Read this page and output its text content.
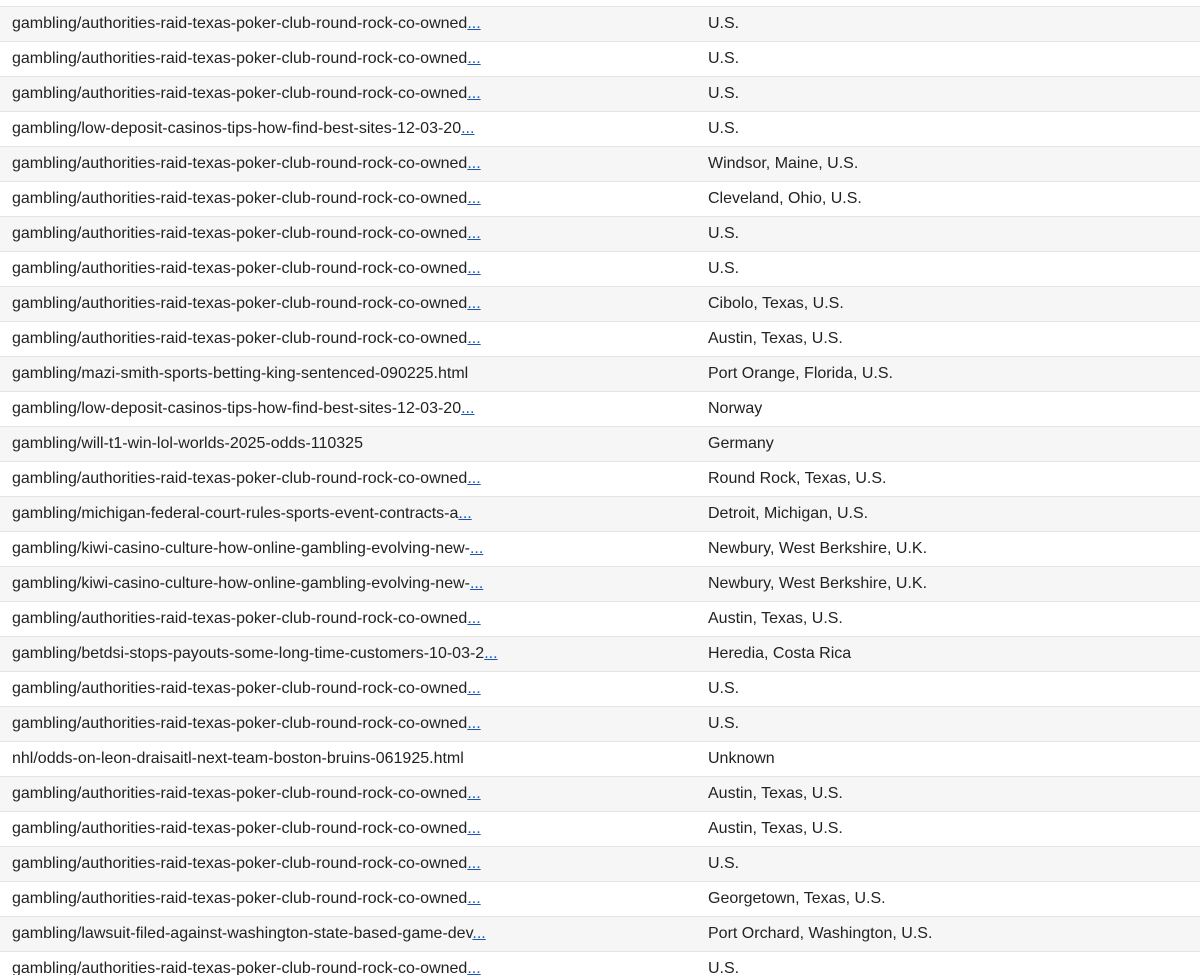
gambling/authorities-raid-texas-poker-club-round-rock-co-owned...	U.S.
gambling/authorities-raid-texas-poker-club-round-rock-co-owned...	U.S.
gambling/authorities-raid-texas-poker-club-round-rock-co-owned...	U.S.
gambling/low-deposit-casinos-tips-how-find-best-sites-12-03-20...	U.S.
gambling/authorities-raid-texas-poker-club-round-rock-co-owned...	Windsor, Maine, U.S.
gambling/authorities-raid-texas-poker-club-round-rock-co-owned...	Cleveland, Ohio, U.S.
gambling/authorities-raid-texas-poker-club-round-rock-co-owned...	U.S.
gambling/authorities-raid-texas-poker-club-round-rock-co-owned...	U.S.
gambling/authorities-raid-texas-poker-club-round-rock-co-owned...	Cibolo, Texas, U.S.
gambling/authorities-raid-texas-poker-club-round-rock-co-owned...	Austin, Texas, U.S.
gambling/mazi-smith-sports-betting-king-sentenced-090225.html	Port Orange, Florida, U.S.
gambling/low-deposit-casinos-tips-how-find-best-sites-12-03-20...	Norway
gambling/will-t1-win-lol-worlds-2025-odds-110325	Germany
gambling/authorities-raid-texas-poker-club-round-rock-co-owned...	Round Rock, Texas, U.S.
gambling/michigan-federal-court-rules-sports-event-contracts-a...	Detroit, Michigan, U.S.
gambling/kiwi-casino-culture-how-online-gambling-evolving-new-...	Newbury, West Berkshire, U.K.
gambling/kiwi-casino-culture-how-online-gambling-evolving-new-...	Newbury, West Berkshire, U.K.
gambling/authorities-raid-texas-poker-club-round-rock-co-owned...	Austin, Texas, U.S.
gambling/betdsi-stops-payouts-some-long-time-customers-10-03-2...	Heredia, Costa Rica
gambling/authorities-raid-texas-poker-club-round-rock-co-owned...	U.S.
gambling/authorities-raid-texas-poker-club-round-rock-co-owned...	U.S.
nhl/odds-on-leon-draisaitl-next-team-boston-bruins-061925.html	Unknown
gambling/authorities-raid-texas-poker-club-round-rock-co-owned...	Austin, Texas, U.S.
gambling/authorities-raid-texas-poker-club-round-rock-co-owned...	Austin, Texas, U.S.
gambling/authorities-raid-texas-poker-club-round-rock-co-owned...	U.S.
gambling/authorities-raid-texas-poker-club-round-rock-co-owned...	Georgetown, Texas, U.S.
gambling/lawsuit-filed-against-washington-state-based-game-dev...	Port Orchard, Washington, U.S.
gambling/authorities-raid-texas-poker-club-round-rock-co-owned...	U.S.
